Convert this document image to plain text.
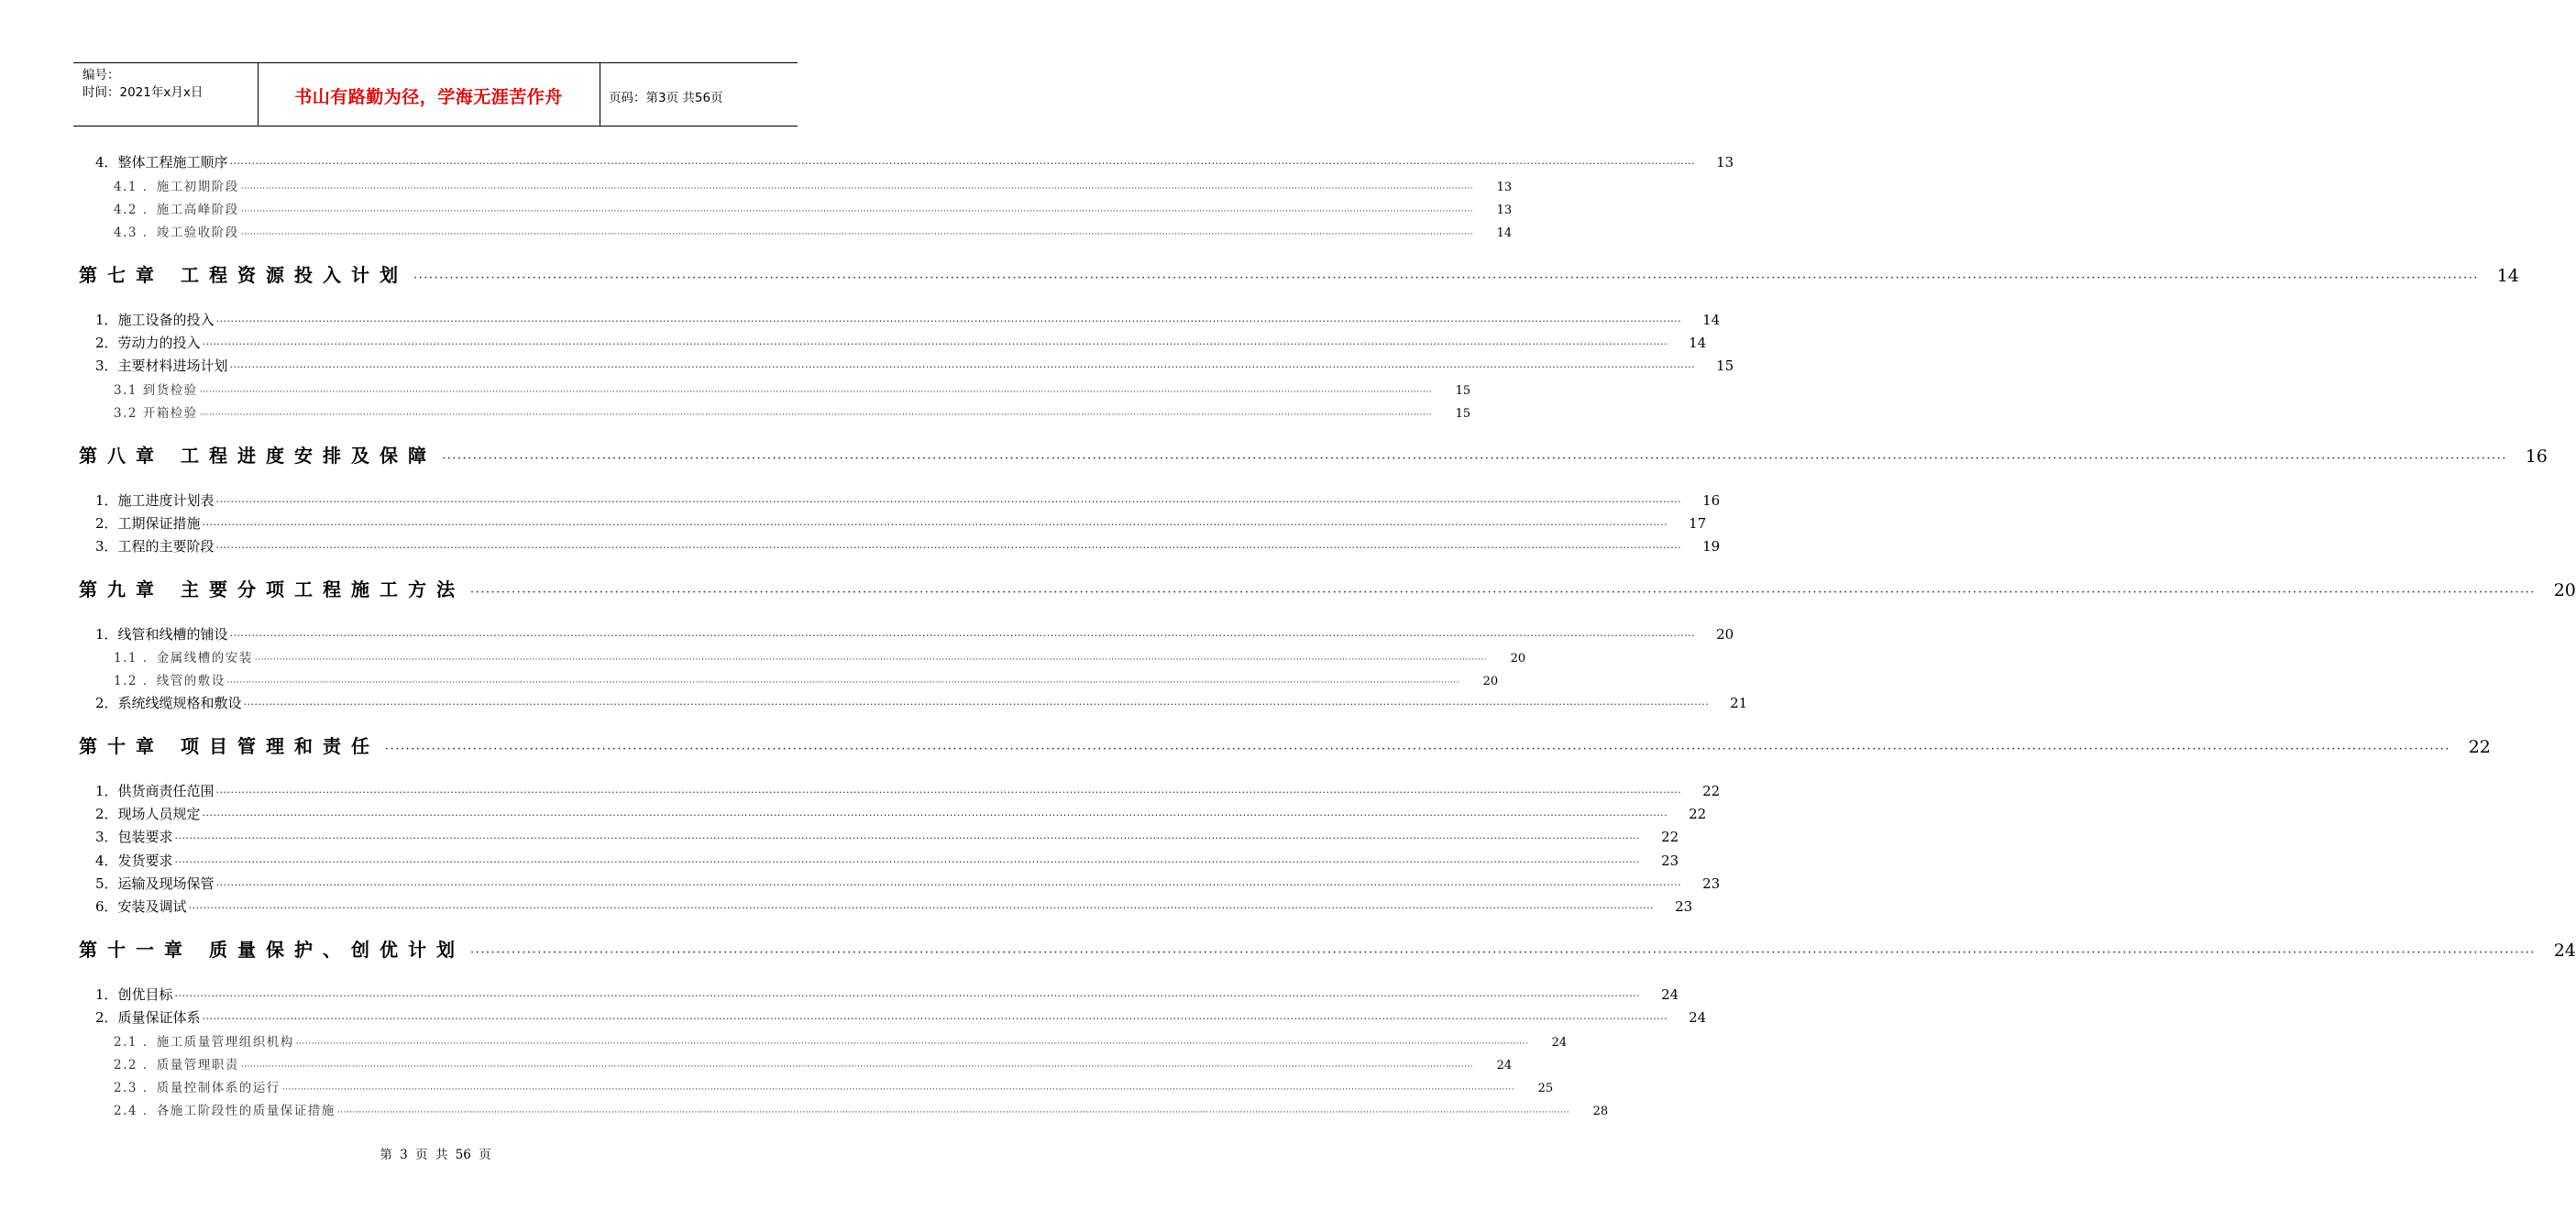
编号：
时间：2021年x月x日	书山有路勤为径，学海无涯苦作舟	页码：第3页 共56页
4．整体工程施工顺序 ················································································································································································································································································································································································································	13
4.1 ．施工初期阶段 ················································································································································································································································································································································································································	13
4.2 ．施工高峰阶段 ················································································································································································································································································································································································································	13
4.3 ．竣工验收阶段 ················································································································································································································································································································································································································	14
第七章 工程资源投入计划 ················································································································································································································································································································································································································	14
1．施工设备的投入 ················································································································································································································································································································································································································	14
2．劳动力的投入 ················································································································································································································································································································································································································	14
3．主要材料进场计划 ················································································································································································································································································································································································································	15
3.1 到货检验 ················································································································································································································································································································································································································	15
3.2 开箱检验 ················································································································································································································································································································································································································	15
第八章 工程进度安排及保障 ················································································································································································································································································································································································································	16
1．施工进度计划表 ················································································································································································································································································································································································································	16
2．工期保证措施 ················································································································································································································································································································································································································	17
3．工程的主要阶段 ················································································································································································································································································································································································································	19
第九章 主要分项工程施工方法 ················································································································································································································································································································································································································	20
1．线管和线槽的铺设 ················································································································································································································································································································································································································	20
1.1 ．金属线槽的安装 ················································································································································································································································································································································································································	20
1.2 ．线管的敷设 ················································································································································································································································································································································································································	20
2．系统线缆规格和敷设 ················································································································································································································································································································································································································	21
第十章 项目管理和责任 ················································································································································································································································································································································································································	22
1．供货商责任范围 ················································································································································································································································································································································································································	22
2．现场人员规定 ················································································································································································································································································································································································································	22
3．包装要求 ················································································································································································································································································································································································································	22
4．发货要求 ················································································································································································································································································································································································································	23
5．运输及现场保管 ················································································································································································································································································································································································································	23
6．安装及调试 ················································································································································································································································································································································································································	23
第十一章 质量保护、创优计划 ················································································································································································································································································································································································································	24
1．创优目标 ················································································································································································································································································································································································································	24
2．质量保证体系 ················································································································································································································································································································································································································	24
2.1 ．施工质量管理组织机构 ················································································································································································································································································································································································································	24
2.2 ．质量管理职责 ················································································································································································································································································································································································································	24
2.3 ．质量控制体系的运行 ················································································································································································································································································································································································································	25
2.4 ．各施工阶段性的质量保证措施 ················································································································································································································································································································································································································	28
第 3 页 共 56 页
